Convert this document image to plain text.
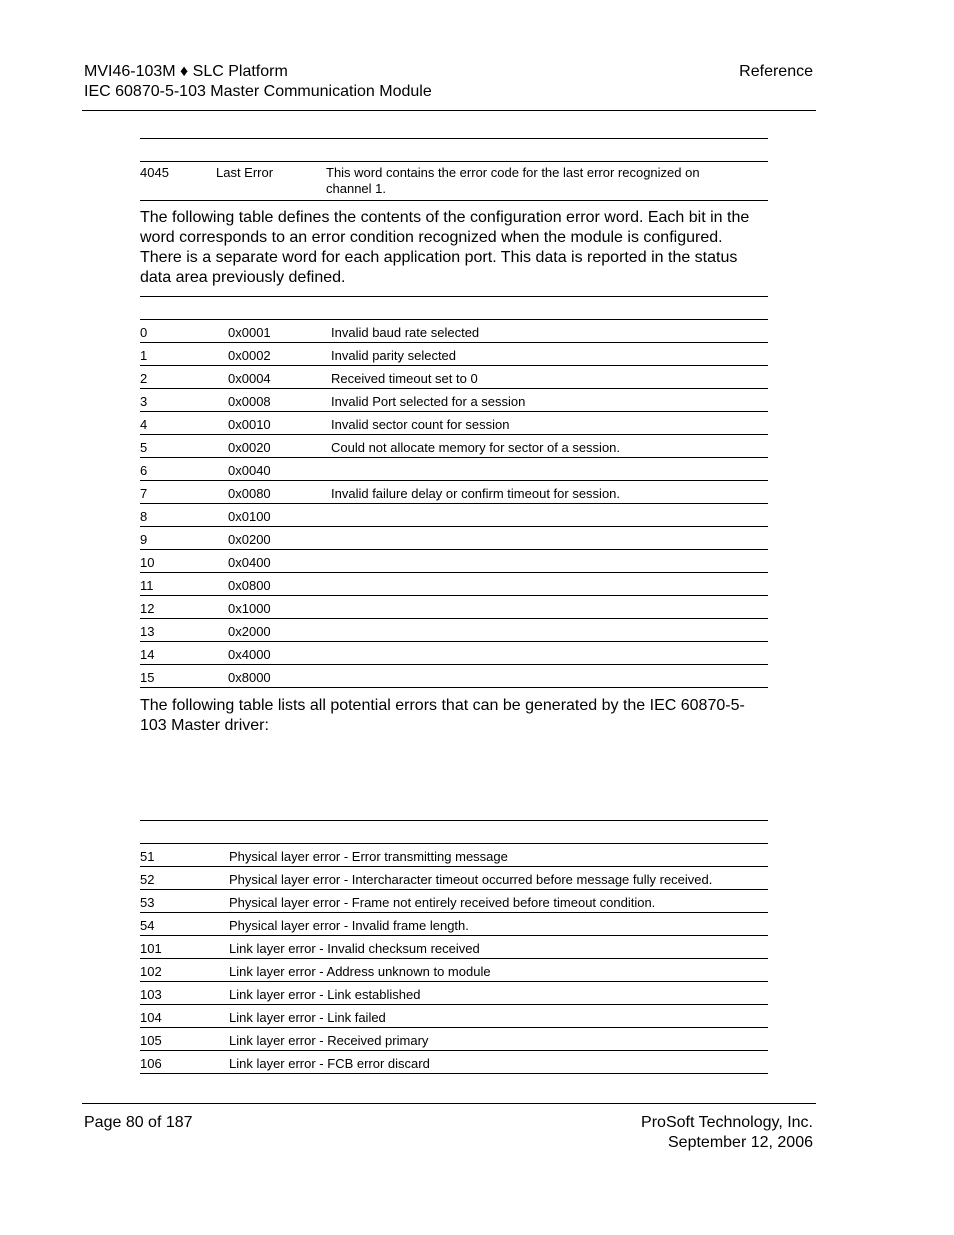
MVI46-103M ♦ SLC Platform
IEC 60870-5-103 Master Communication Module
Reference
4045	Last Error	This word contains the error code for the last error recognized on channel 1.
The following table defines the contents of the configuration error word. Each bit in the word corresponds to an error condition recognized when the module is configured. There is a separate word for each application port. This data is reported in the status data area previously defined.
0	0x0001	Invalid baud rate selected
1	0x0002	Invalid parity selected
2	0x0004	Received timeout set to 0
3	0x0008	Invalid Port selected for a session
4	0x0010	Invalid sector count for session
5	0x0020	Could not allocate memory for sector of a session.
6	0x0040
7	0x0080	Invalid failure delay or confirm timeout for session.
8	0x0100
9	0x0200
10	0x0400
11	0x0800
12	0x1000
13	0x2000
14	0x4000
15	0x8000
The following table lists all potential errors that can be generated by the IEC 60870-5-103 Master driver:
51	Physical layer error - Error transmitting message
52	Physical layer error - Intercharacter timeout occurred before message fully received.
53	Physical layer error - Frame not entirely received before timeout condition.
54	Physical layer error - Invalid frame length.
101	Link layer error - Invalid checksum received
102	Link layer error - Address unknown to module
103	Link layer error - Link established
104	Link layer error - Link failed
105	Link layer error - Received primary
106	Link layer error - FCB error discard
Page 80 of 187	ProSoft Technology, Inc.
September 12, 2006
